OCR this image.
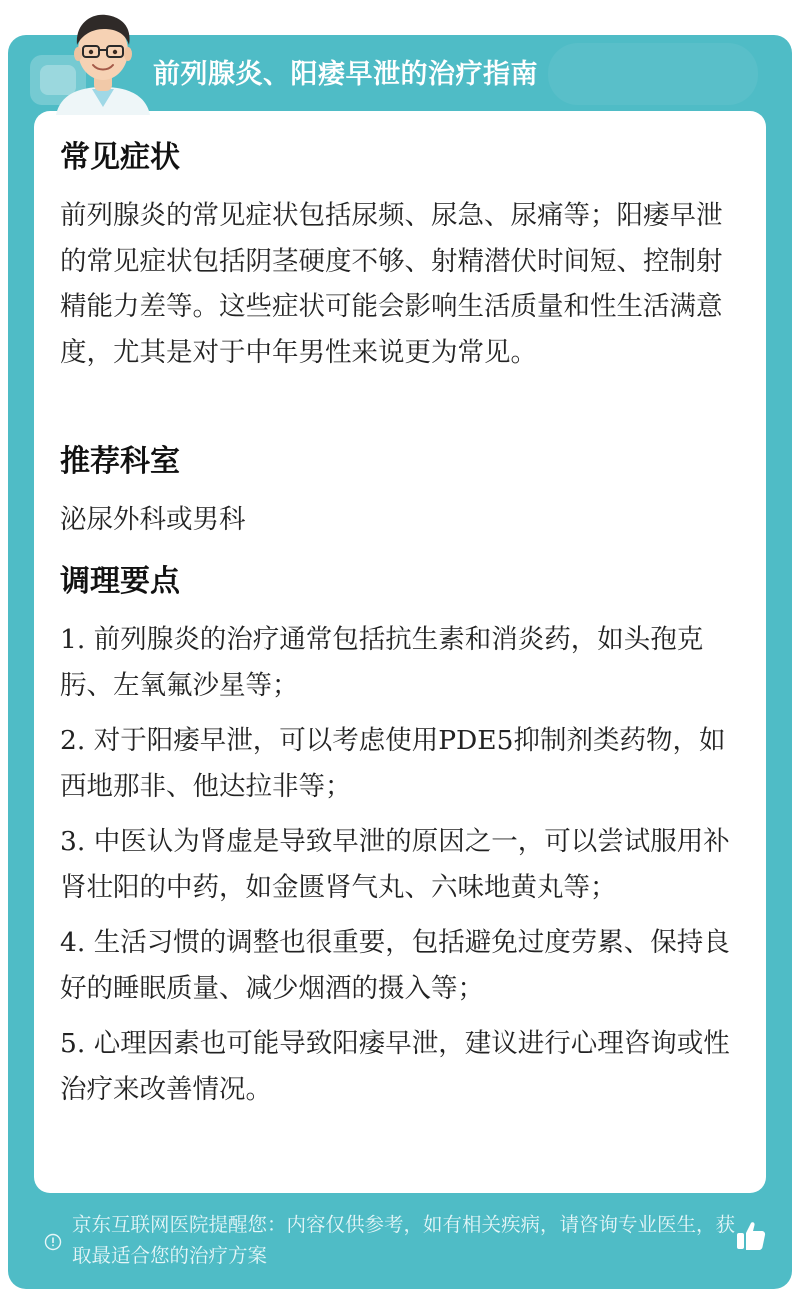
前列腺炎、阳痿早泄的治疗指南
常见症状

前列腺炎的常见症状包括尿频、尿急、尿痛等；阳痿早泄的常见症状包括阴茎硬度不够、射精潜伏时间短、控制射精能力差等。这些症状可能会影响生活质量和性生活满意度，尤其是对于中年男性来说更为常见。

推荐科室

泌尿外科或男科

调理要点

1. 前列腺炎的治疗通常包括抗生素和消炎药，如头孢克肟、左氧氟沙星等；

2. 对于阳痿早泄，可以考虑使用PDE5抑制剂类药物，如西地那非、他达拉非等；

3. 中医认为肾虚是导致早泄的原因之一，可以尝试服用补肾壮阳的中药，如金匮肾气丸、六味地黄丸等；

4. 生活习惯的调整也很重要，包括避免过度劳累、保持良好的睡眠质量、减少烟酒的摄入等；

5. 心理因素也可能导致阳痿早泄，建议进行心理咨询或性治疗来改善情况。

京东互联网医院提醒您：内容仅供参考，如有相关疾病，请咨询专业医生，获取最适合您的治疗方案
